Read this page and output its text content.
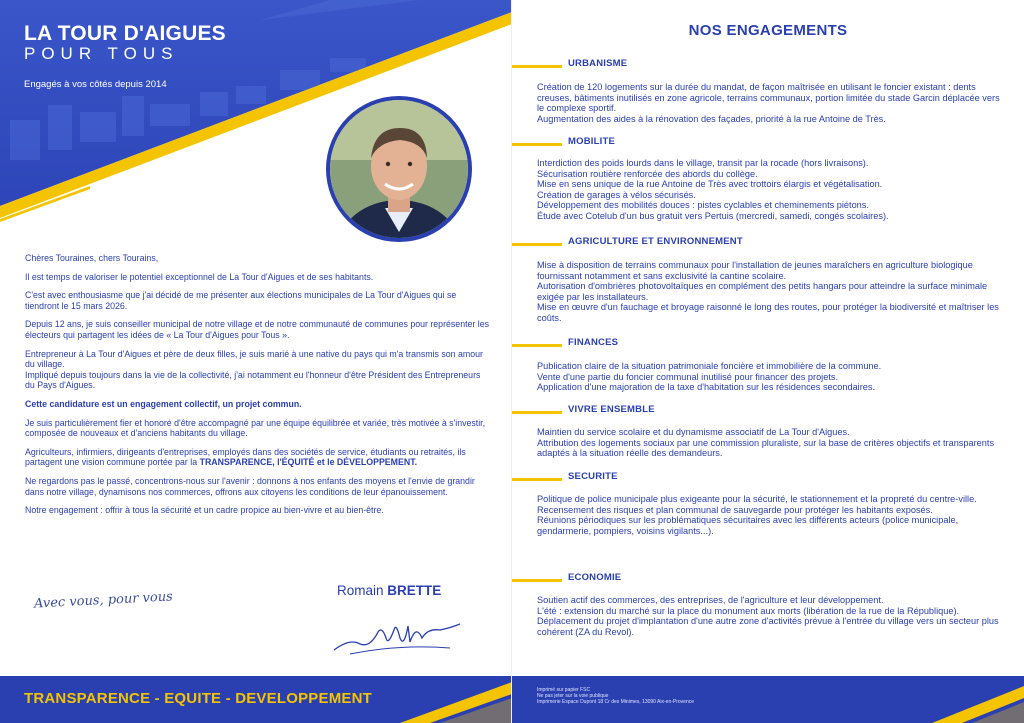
LA TOUR D'AIGUES
POUR TOUS
Engagés à vos côtés depuis 2014

Chères Touraines, chers Tourains,

Il est temps de valoriser le potentiel exceptionnel de La Tour d'Aigues et de ses habitants.

C'est avec enthousiasme que j'ai décidé de me présenter aux élections municipales de La Tour d'Aigues qui se tiendront le 15 mars 2026.

Depuis 12 ans, je suis conseiller municipal de notre village et de notre communauté de communes pour représenter les électeurs qui partagent les idées de « La Tour d'Aigues pour Tous ».

Entrepreneur à La Tour d'Aigues et père de deux filles, je suis marié à une native du pays qui m'a transmis son amour du village.

Impliqué depuis toujours dans la vie de la collectivité, j'ai notamment eu l'honneur d'être Président des Entrepreneurs du Pays d'Aigues.

Cette candidature est un engagement collectif, un projet commun.

Je suis particulièrement fier et honoré d'être accompagné par une équipe équilibrée et variée, très motivée à s'investir, composée de nouveaux et d'anciens habitants du village.

Agriculteurs, infirmiers, dirigeants d'entreprises, employés dans des sociétés de service, étudiants ou retraités, ils partagent une vision commune portée par la TRANSPARENCE, l'ÉQUITÉ et le DÉVELOPPEMENT.

Ne regardons pas le passé, concentrons-nous sur l'avenir : donnons à nos enfants des moyens et l'envie de grandir dans notre village, dynamisons nos commerces, offrons aux citoyens les conditions de leur épanouissement.

Notre engagement : offrir à tous la sécurité et un cadre propice au bien-vivre et au bien-être.

Avec vous, pour vous	Romain BRETTE
TRANSPARENCE - EQUITE - DEVELOPPEMENT
NOS ENGAGEMENTS
URBANISME
Création de 120 logements sur la durée du mandat, de façon maîtrisée en utilisant le foncier existant : dents creuses, bâtiments inutilisés en zone agricole, terrains communaux, portion limitée du stade Garcin déplacée vers le complexe sportif.
Augmentation des aides à la rénovation des façades, priorité à la rue Antoine de Très.
MOBILITE
Interdiction des poids lourds dans le village, transit par la rocade (hors livraisons).
Sécurisation routière renforcée des abords du collège.
Mise en sens unique de la rue Antoine de Très avec trottoirs élargis et végétalisation.
Création de garages à vélos sécurisés.
Développement des mobilités douces : pistes cyclables et cheminements piétons.
Étude avec Cotelub d'un bus gratuit vers Pertuis (mercredi, samedi, congés scolaires).
AGRICULTURE ET ENVIRONNEMENT
Mise à disposition de terrains communaux pour l'installation de jeunes maraîchers en agriculture biologique fournissant notamment et sans exclusivité la cantine scolaire.
Autorisation d'ombrières photovoltaïques en complément des petits hangars pour atteindre la surface minimale exigée par les installateurs.
Mise en œuvre d'un fauchage et broyage raisonné le long des routes, pour protéger la biodiversité et maîtriser les coûts.
FINANCES
Publication claire de la situation patrimoniale foncière et immobilière de la commune.
Vente d'une partie du foncier communal inutilisé pour financer des projets.
Application d'une majoration de la taxe d'habitation sur les résidences secondaires.
VIVRE ENSEMBLE
Maintien du service scolaire et du dynamisme associatif de La Tour d'Aigues.
Attribution des logements sociaux par une commission pluraliste, sur la base de critères objectifs et transparents adaptés à la situation réelle des demandeurs.
SECURITE
Politique de police municipale plus exigeante pour la sécurité, le stationnement et la propreté du centre-ville.
Recensement des risques et plan communal de sauvegarde pour protéger les habitants exposés.
Réunions périodiques sur les problématiques sécuritaires avec les différents acteurs (police municipale, gendarmerie, pompiers, voisins vigilants...).
ECONOMIE
Soutien actif des commerces, des entreprises, de l'agriculture et leur développement.
L'été : extension du marché sur la place du monument aux morts (libération de la rue de la République).
Déplacement du projet d'implantation d'une autre zone d'activités prévue à l'entrée du village vers un secteur plus cohérent (ZA du Revol).
Imprimé sur papier FSC
Ne pas jeter sur la voie publique
Imprimerie Espace Dupont 18 Cr des Minimes, 13090 Aix-en-Provence
